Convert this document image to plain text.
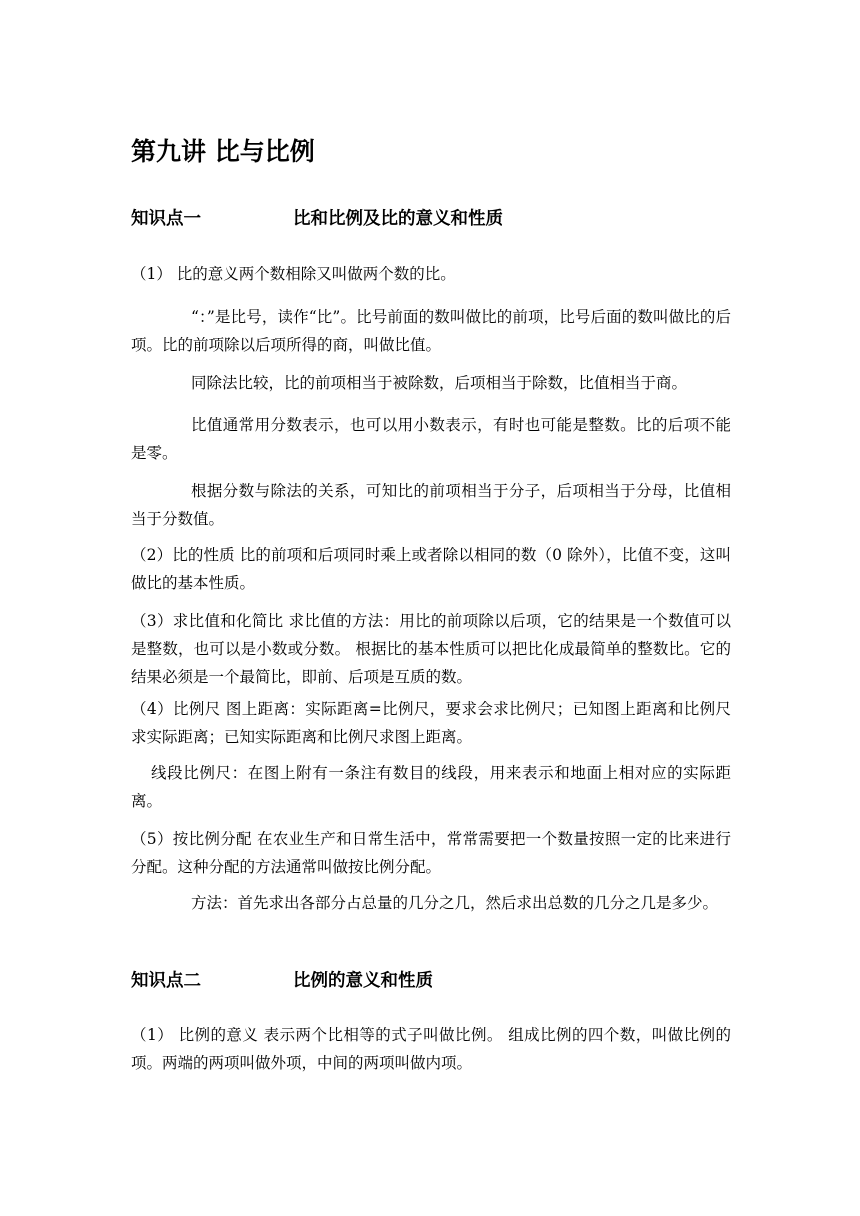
第九讲 比与比例
知识点一	比和比例及比的意义和性质

（1） 比的意义两个数相除又叫做两个数的比。

“：”是比号，读作“比”。比号前面的数叫做比的前项，比号后面的数叫做比的后项。比的前项除以后项所得的商，叫做比值。

同除法比较，比的前项相当于被除数，后项相当于除数，比值相当于商。

比值通常用分数表示，也可以用小数表示，有时也可能是整数。比的后项不能是零。

根据分数与除法的关系，可知比的前项相当于分子，后项相当于分母，比值相当于分数值。

（2）比的性质 比的前项和后项同时乘上或者除以相同的数（0 除外），比值不变，这叫做比的基本性质。

（3）求比值和化简比 求比值的方法：用比的前项除以后项，它的结果是一个数值可以是整数，也可以是小数或分数。 根据比的基本性质可以把比化成最简单的整数比。它的结果必须是一个最简比，即前、后项是互质的数。

（4）比例尺 图上距离：实际距离=比例尺，要求会求比例尺；已知图上距离和比例尺求实际距离；已知实际距离和比例尺求图上距离。

线段比例尺：在图上附有一条注有数目的线段，用来表示和地面上相对应的实际距离。

（5）按比例分配 在农业生产和日常生活中，常常需要把一个数量按照一定的比来进行分配。这种分配的方法通常叫做按比例分配。

方法：首先求出各部分占总量的几分之几，然后求出总数的几分之几是多少。

知识点二	比例的意义和性质

（1） 比例的意义 表示两个比相等的式子叫做比例。 组成比例的四个数，叫做比例的项。两端的两项叫做外项，中间的两项叫做内项。
